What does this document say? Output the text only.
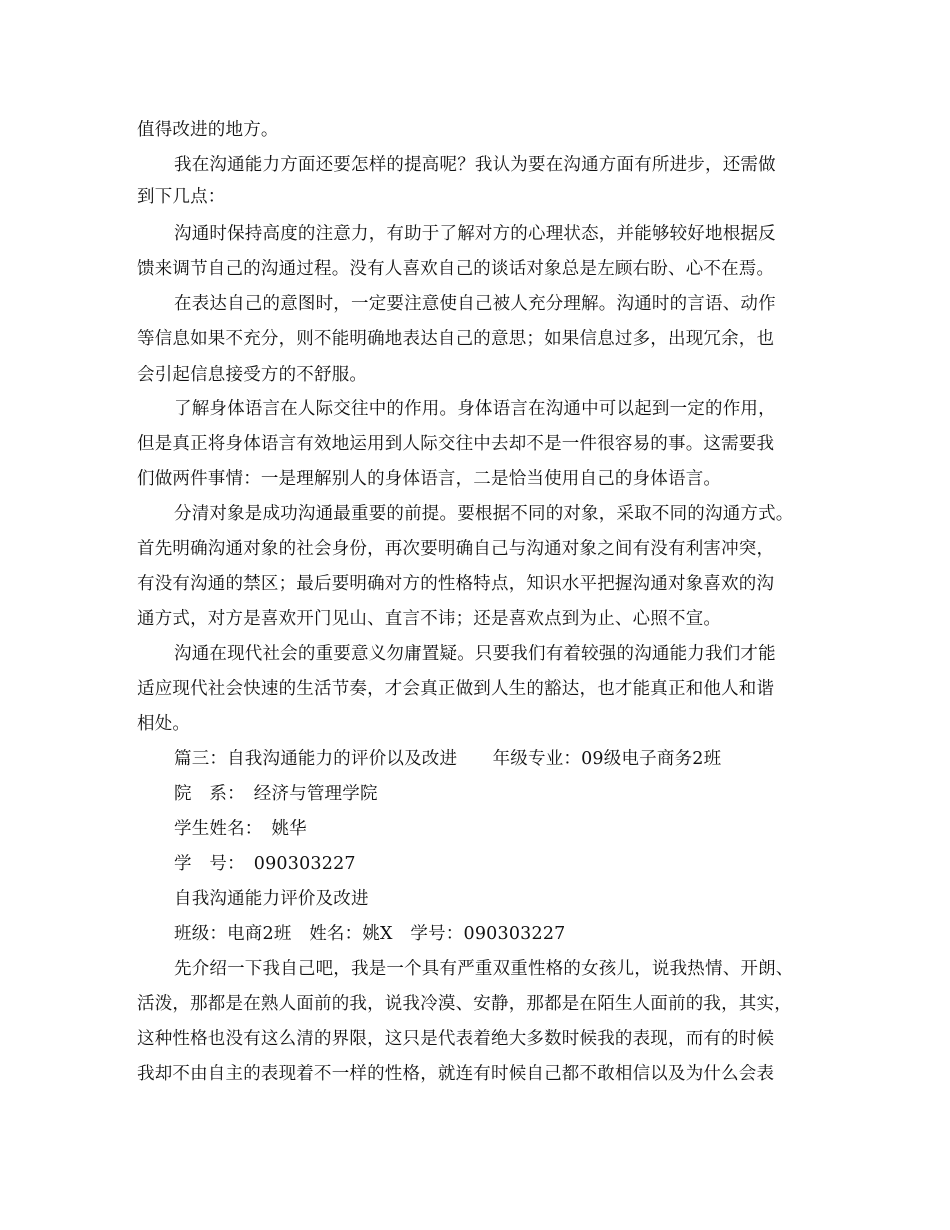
值得改进的地方。
我在沟通能力方面还要怎样的提高呢？我认为要在沟通方面有所进步，还需做
到下几点：
沟通时保持高度的注意力，有助于了解对方的心理状态，并能够较好地根据反
馈来调节自己的沟通过程。没有人喜欢自己的谈话对象总是左顾右盼、心不在焉。
在表达自己的意图时，一定要注意使自己被人充分理解。沟通时的言语、动作
等信息如果不充分，则不能明确地表达自己的意思；如果信息过多，出现冗余，也
会引起信息接受方的不舒服。
了解身体语言在人际交往中的作用。身体语言在沟通中可以起到一定的作用，
但是真正将身体语言有效地运用到人际交往中去却不是一件很容易的事。这需要我
们做两件事情：一是理解别人的身体语言，二是恰当使用自己的身体语言。
分清对象是成功沟通最重要的前提。要根据不同的对象，采取不同的沟通方式。
首先明确沟通对象的社会身份，再次要明确自己与沟通对象之间有没有利害冲突，
有没有沟通的禁区；最后要明确对方的性格特点，知识水平把握沟通对象喜欢的沟
通方式，对方是喜欢开门见山、直言不讳；还是喜欢点到为止、心照不宣。
沟通在现代社会的重要意义勿庸置疑。只要我们有着较强的沟通能力我们才能
适应现代社会快速的生活节奏，才会真正做到人生的豁达，也才能真正和他人和谐
相处。
篇三：自我沟通能力的评价以及改进　　年级专业：09级电子商务2班
院　系：　经济与管理学院
学生姓名：　姚华
学　号：　090303227
自我沟通能力评价及改进
班级：电商2班　姓名：姚X　学号：090303227
先介绍一下我自己吧，我是一个具有严重双重性格的女孩儿，说我热情、开朗、
活泼，那都是在熟人面前的我，说我冷漠、安静，那都是在陌生人面前的我，其实，
这种性格也没有这么清的界限，这只是代表着绝大多数时候我的表现，而有的时候
我却不由自主的表现着不一样的性格，就连有时候自己都不敢相信以及为什么会表
